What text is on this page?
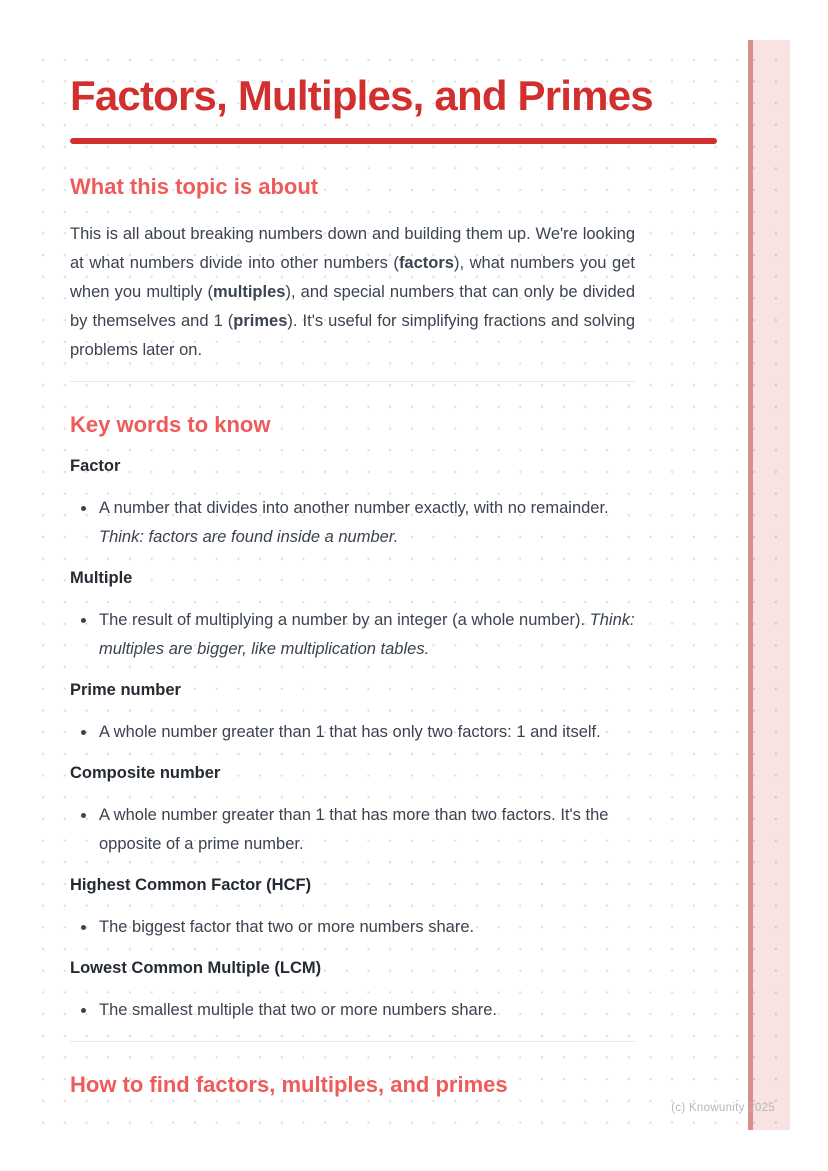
Factors, Multiples, and Primes
What this topic is about

This is all about breaking numbers down and building them up. We're looking at what numbers divide into other numbers (factors), what numbers you get when you multiply (multiples), and special numbers that can only be divided by themselves and 1 (primes). It's useful for simplifying fractions and solving problems later on.

Key words to know
Factor
• A number that divides into another number exactly, with no remainder. Think: factors are found inside a number.
Multiple
• The result of multiplying a number by an integer (a whole number). Think: multiples are bigger, like multiplication tables.
Prime number
• A whole number greater than 1 that has only two factors: 1 and itself.
Composite number
• A whole number greater than 1 that has more than two factors. It's the opposite of a prime number.
Highest Common Factor (HCF)
• The biggest factor that two or more numbers share.
Lowest Common Multiple (LCM)
• The smallest multiple that two or more numbers share.
How to find factors, multiples, and primes
(c) Knowunity 2025
